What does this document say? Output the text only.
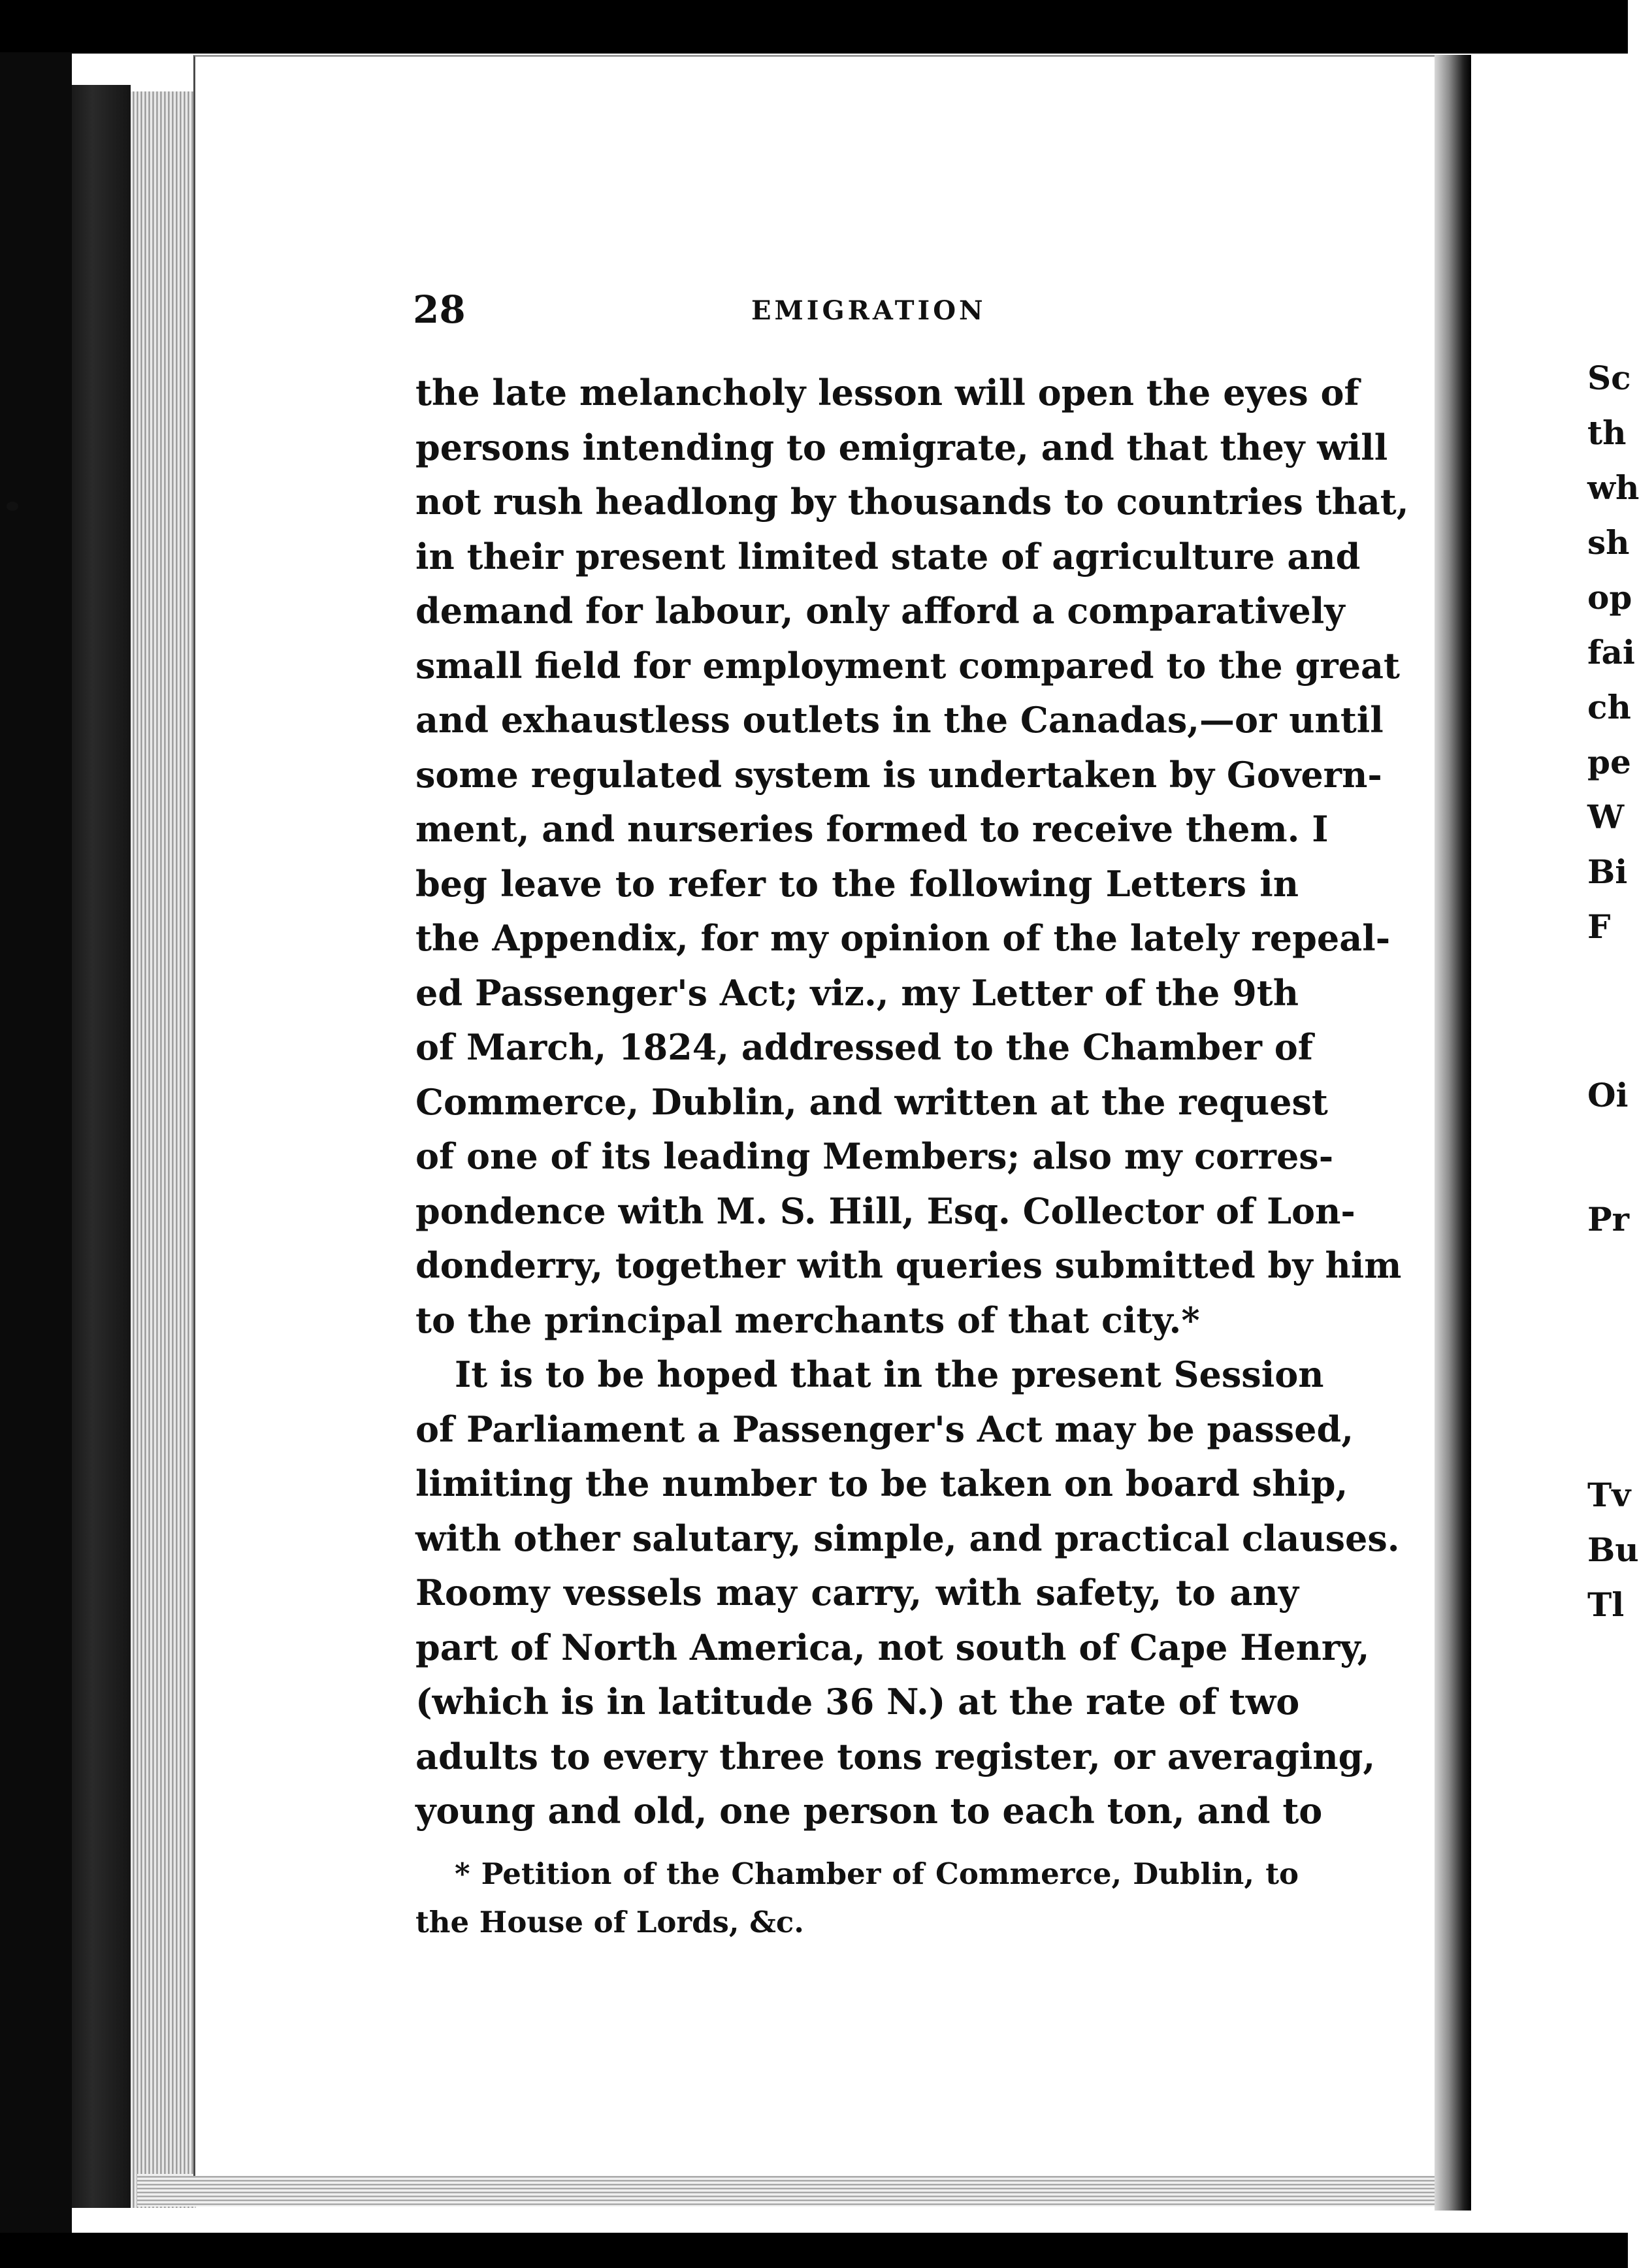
28	EMIGRATION
the late melancholy lesson will open the eyes of
persons intending to emigrate, and that they will
not rush headlong by thousands to countries that,
in their present limited state of agriculture and
demand for labour, only afford a comparatively
small field for employment compared to the great
and exhaustless outlets in the Canadas,—or until
some regulated system is undertaken by Govern-
ment, and nurseries formed to receive them. I
beg leave to refer to the following Letters in
the Appendix, for my opinion of the lately repeal-
ed Passenger's Act; viz., my Letter of the 9th
of March, 1824, addressed to the Chamber of
Commerce, Dublin, and written at the request
of one of its leading Members; also my corres-
pondence with M. S. Hill, Esq. Collector of Lon-
donderry, together with queries submitted by him
to the principal merchants of that city.*
It is to be hoped that in the present Session
of Parliament a Passenger's Act may be passed,
limiting the number to be taken on board ship,
with other salutary, simple, and practical clauses.
Roomy vessels may carry, with safety, to any
part of North America, not south of Cape Henry,
(which is in latitude 36 N.) at the rate of two
adults to every three tons register, or averaging,
young and old, one person to each ton, and to
* Petition of the Chamber of Commerce, Dublin, to
the House of Lords, &c.
Sc
th
wh
sh
op
fai
ch
pe
W
Bi
F
Oi
Pr
Tv
Bu
Tl
